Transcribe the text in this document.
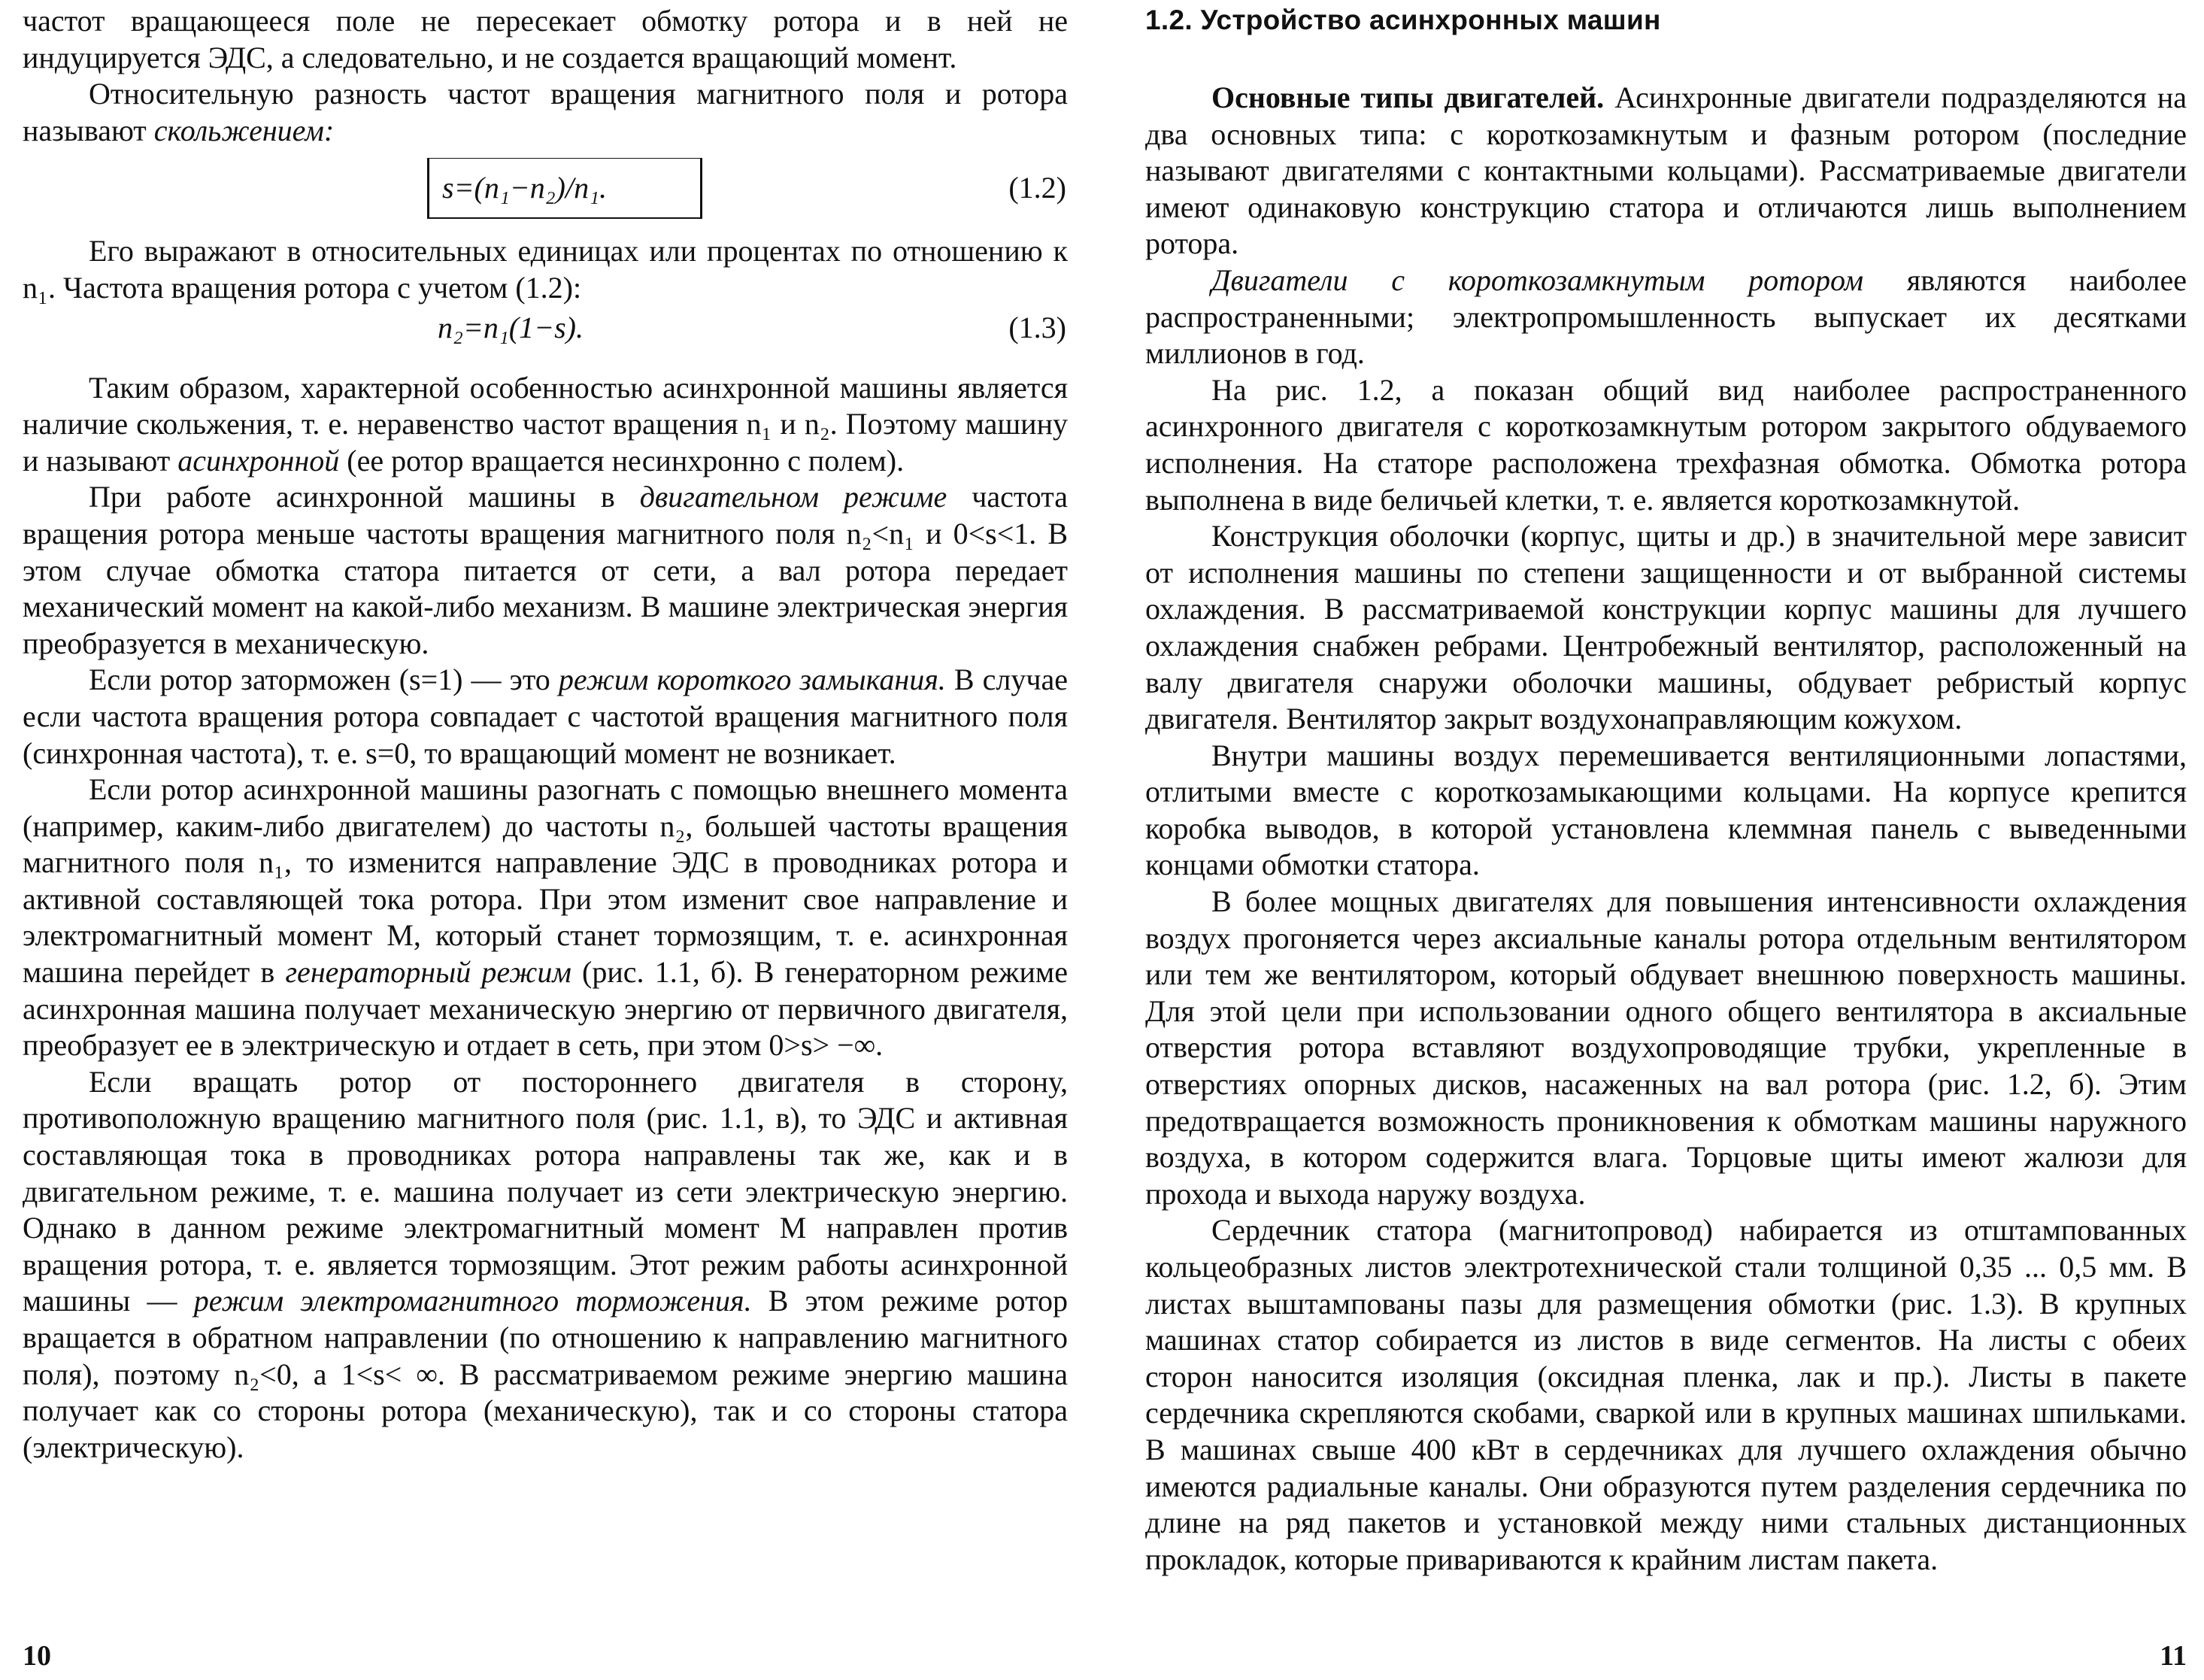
частот вращающееся поле не пересекает обмотку ротора и в ней не индуцируется ЭДС, а следовательно, и не создается вращающий момент.

Относительную разность частот вращения магнитного поля и ротора называют скольжением:

s=(n₁−n₂)/n₁.	(1.2)

Его выражают в относительных единицах или процентах по отношению к n₁. Частота вращения ротора с учетом (1.2):

n₂=n₁(1−s).	(1.3)

Таким образом, характерной особенностью асинхронной машины является наличие скольжения, т. е. неравенство частот вращения n₁ и n₂. Поэтому машину и называют асинхронной (ее ротор вращается несинхронно с полем).

При работе асинхронной машины в двигательном режиме частота вращения ротора меньше частоты вращения магнитного поля n₂<n₁ и 0<s<1. В этом случае обмотка статора питается от сети, а вал ротора передает механический момент на какой-либо механизм. В машине электрическая энергия преобразуется в механическую.

Если ротор заторможен (s=1) — это режим короткого замыкания. В случае если частота вращения ротора совпадает с частотой вращения магнитного поля (синхронная частота), т. е. s=0, то вращающий момент не возникает.

Если ротор асинхронной машины разогнать с помощью внешнего момента (например, каким-либо двигателем) до частоты n₂, большей частоты вращения магнитного поля n₁, то изменится направление ЭДС в проводниках ротора и активной составляющей тока ротора. При этом изменит свое направление и электромагнитный момент M, который станет тормозящим, т. е. асинхронная машина перейдет в генераторный режим (рис. 1.1, б). В генераторном режиме асинхронная машина получает механическую энергию от первичного двигателя, преобразует ее в электрическую и отдает в сеть, при этом 0>s> −∞.

Если вращать ротор от постороннего двигателя в сторону, противоположную вращению магнитного поля (рис. 1.1, в), то ЭДС и активная составляющая тока в проводниках ротора направлены так же, как и в двигательном режиме, т. е. машина получает из сети электрическую энергию. Однако в данном режиме электромагнитный момент M направлен против вращения ротора, т. е. является тормозящим. Этот режим работы асинхронной машины — режим электромагнитного торможения. В этом режиме ротор вращается в обратном направлении (по отношению к направлению магнитного поля), поэтому n₂<0, а 1<s< ∞. В рассматриваемом режиме энергию машина получает как со стороны ротора (механическую), так и со стороны статора (электрическую).

10
1.2. Устройство асинхронных машин

Основные типы двигателей. Асинхронные двигатели подразделяются на два основных типа: с короткозамкнутым и фазным ротором (последние называют двигателями с контактными кольцами). Рассматриваемые двигатели имеют одинаковую конструкцию статора и отличаются лишь выполнением ротора.

Двигатели с короткозамкнутым ротором являются наиболее распространенными; электропромышленность выпускает их десятками миллионов в год.

На рис. 1.2, а показан общий вид наиболее распространенного асинхронного двигателя с короткозамкнутым ротором закрытого обдуваемого исполнения. На статоре расположена трехфазная обмотка. Обмотка ротора выполнена в виде беличьей клетки, т. е. является короткозамкнутой.

Конструкция оболочки (корпус, щиты и др.) в значительной мере зависит от исполнения машины по степени защищенности и от выбранной системы охлаждения. В рассматриваемой конструкции корпус машины для лучшего охлаждения снабжен ребрами. Центробежный вентилятор, расположенный на валу двигателя снаружи оболочки машины, обдувает ребристый корпус двигателя. Вентилятор закрыт воздухонаправляющим кожухом.

Внутри машины воздух перемешивается вентиляционными лопастями, отлитыми вместе с короткозамыкающими кольцами. На корпусе крепится коробка выводов, в которой установлена клеммная панель с выведенными концами обмотки статора.

В более мощных двигателях для повышения интенсивности охлаждения воздух прогоняется через аксиальные каналы ротора отдельным вентилятором или тем же вентилятором, который обдувает внешнюю поверхность машины. Для этой цели при использовании одного общего вентилятора в аксиальные отверстия ротора вставляют воздухопроводящие трубки, укрепленные в отверстиях опорных дисков, насаженных на вал ротора (рис. 1.2, б). Этим предотвращается возможность проникновения к обмоткам машины наружного воздуха, в котором содержится влага. Торцовые щиты имеют жалюзи для прохода и выхода наружу воздуха.

Сердечник статора (магнитопровод) набирается из отштампованных кольцеобразных листов электротехнической стали толщиной 0,35 ... 0,5 мм. В листах выштампованы пазы для размещения обмотки (рис. 1.3). В крупных машинах статор собирается из листов в виде сегментов. На листы с обеих сторон наносится изоляция (оксидная пленка, лак и пр.). Листы в пакете сердечника скрепляются скобами, сваркой или в крупных машинах шпильками. В машинах свыше 400 кВт в сердечниках для лучшего охлаждения обычно имеются радиальные каналы. Они образуются путем разделения сердечника по длине на ряд пакетов и установкой между ними стальных дистанционных прокладок, которые привариваются к крайним листам пакета.

11
